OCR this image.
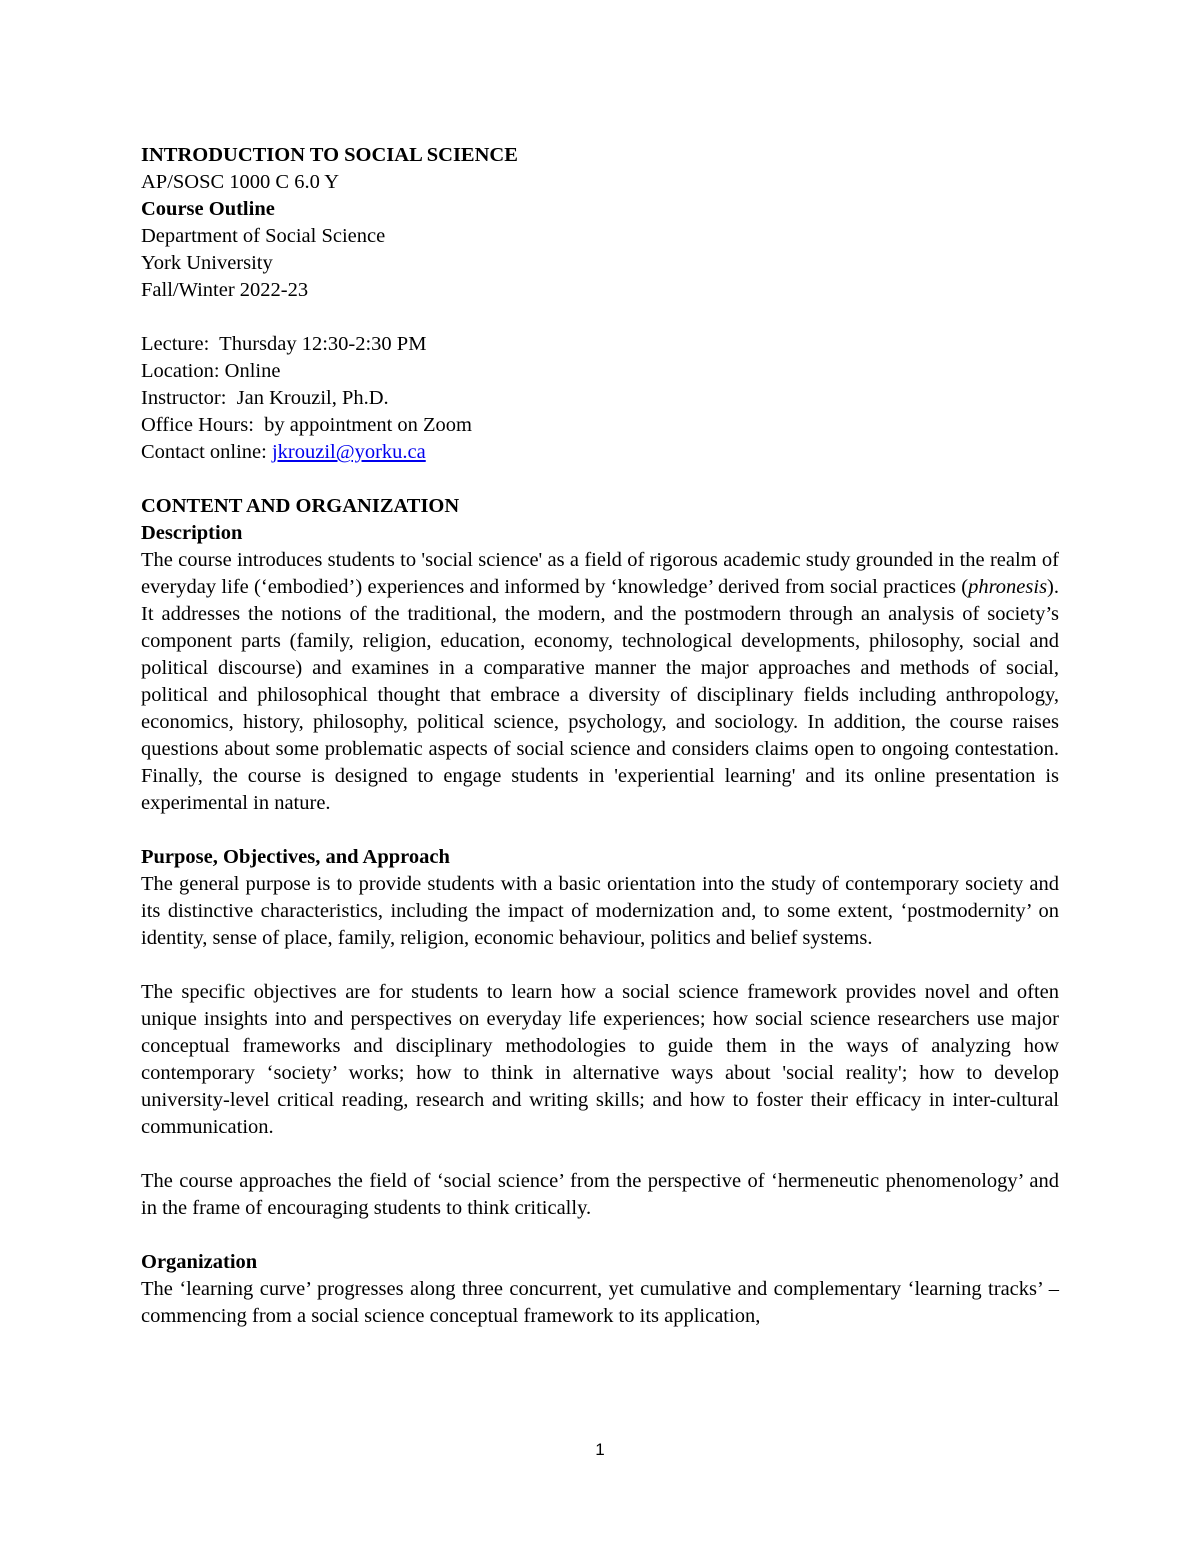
INTRODUCTION TO SOCIAL SCIENCE
AP/SOSC 1000 C 6.0 Y
Course Outline
Department of Social Science
York University
Fall/Winter 2022-23
Lecture:  Thursday 12:30-2:30 PM
Location: Online
Instructor:  Jan Krouzil, Ph.D.
Office Hours:  by appointment on Zoom
Contact online: jkrouzil@yorku.ca
CONTENT AND ORGANIZATION
Description

The course introduces students to 'social science' as a field of rigorous academic study grounded in the realm of everyday life (‘embodied’) experiences and informed by ‘knowledge’ derived from social practices (phronesis). It addresses the notions of the traditional, the modern, and the postmodern through an analysis of society’s component parts (family, religion, education, economy, technological developments, philosophy, social and political discourse) and examines in a comparative manner the major approaches and methods of social, political and philosophical thought that embrace a diversity of disciplinary fields including anthropology, economics, history, philosophy, political science, psychology, and sociology. In addition, the course raises questions about some problematic aspects of social science and considers claims open to ongoing contestation. Finally, the course is designed to engage students in 'experiential learning' and its online presentation is experimental in nature.

Purpose, Objectives, and Approach

The general purpose is to provide students with a basic orientation into the study of contemporary society and its distinctive characteristics, including the impact of modernization and, to some extent, ‘postmodernity’ on identity, sense of place, family, religion, economic behaviour, politics and belief systems.

The specific objectives are for students to learn how a social science framework provides novel and often unique insights into and perspectives on everyday life experiences; how social science researchers use major conceptual frameworks and disciplinary methodologies to guide them in the ways of analyzing how contemporary ‘society’ works; how to think in alternative ways about 'social reality'; how to develop university-level critical reading, research and writing skills; and how to foster their efficacy in inter-cultural communication.

The course approaches the field of ‘social science’ from the perspective of ‘hermeneutic phenomenology’ and in the frame of encouraging students to think critically.

Organization

The ‘learning curve’ progresses along three concurrent, yet cumulative and complementary ‘learning tracks’ – commencing from a social science conceptual framework to its application,

1
